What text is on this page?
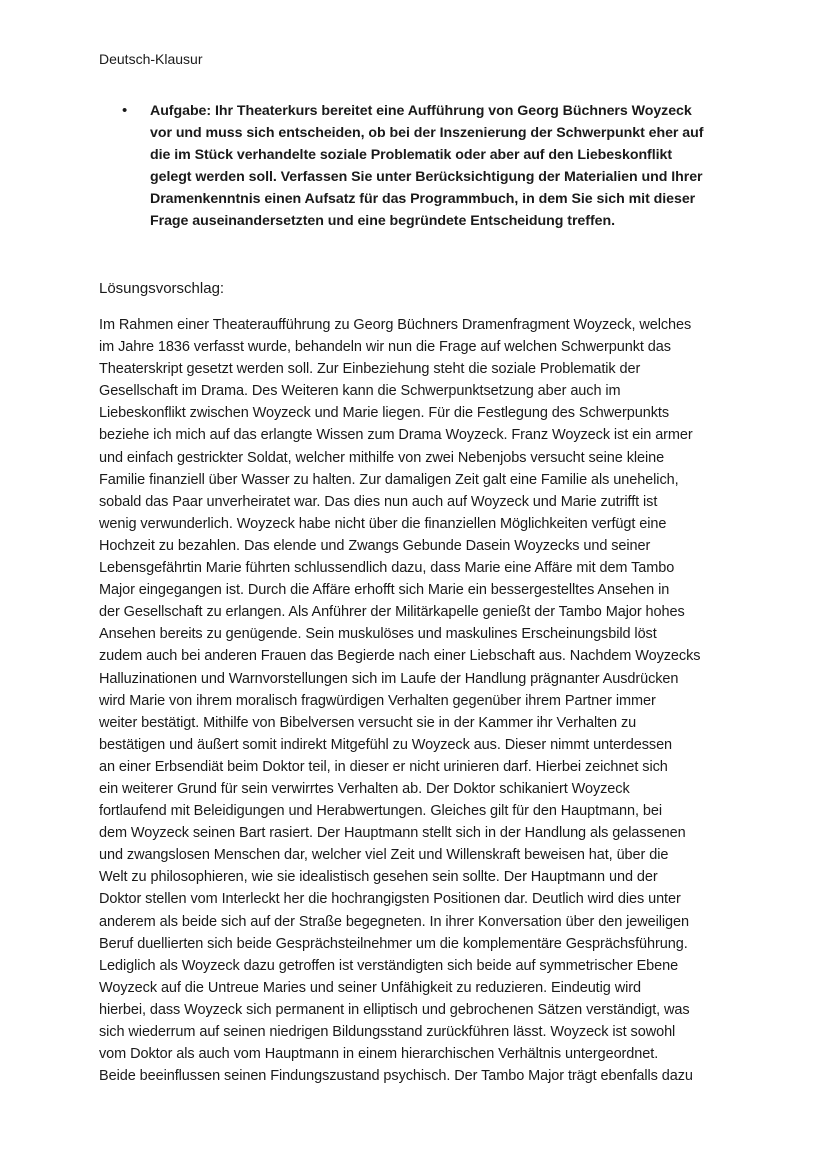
Deutsch-Klausur
• Aufgabe: Ihr Theaterkurs bereitet eine Aufführung von Georg Büchners Woyzeck
vor und muss sich entscheiden, ob bei der Inszenierung der Schwerpunkt eher auf
die im Stück verhandelte soziale Problematik oder aber auf den Liebeskonflikt
gelegt werden soll. Verfassen Sie unter Berücksichtigung der Materialien und Ihrer
Dramenkenntnis einen Aufsatz für das Programmbuch, in dem Sie sich mit dieser
Frage auseinandersetzten und eine begründete Entscheidung treffen.
Lösungsvorschlag:
Im Rahmen einer Theateraufführung zu Georg Büchners Dramenfragment Woyzeck, welches
im Jahre 1836 verfasst wurde, behandeln wir nun die Frage auf welchen Schwerpunkt das
Theaterskript gesetzt werden soll. Zur Einbeziehung steht die soziale Problematik der
Gesellschaft im Drama. Des Weiteren kann die Schwerpunktsetzung aber auch im
Liebeskonflikt zwischen Woyzeck und Marie liegen. Für die Festlegung des Schwerpunkts
beziehe ich mich auf das erlangte Wissen zum Drama Woyzeck. Franz Woyzeck ist ein armer
und einfach gestrickter Soldat, welcher mithilfe von zwei Nebenjobs versucht seine kleine
Familie finanziell über Wasser zu halten. Zur damaligen Zeit galt eine Familie als unehelich,
sobald das Paar unverheiratet war. Das dies nun auch auf Woyzeck und Marie zutrifft ist
wenig verwunderlich. Woyzeck habe nicht über die finanziellen Möglichkeiten verfügt eine
Hochzeit zu bezahlen. Das elende und Zwangs Gebunde Dasein Woyzecks und seiner
Lebensgefährtin Marie führten schlussendlich dazu, dass Marie eine Affäre mit dem Tambo
Major eingegangen ist. Durch die Affäre erhofft sich Marie ein bessergestelltes Ansehen in
der Gesellschaft zu erlangen. Als Anführer der Militärkapelle genießt der Tambo Major hohes
Ansehen bereits zu genügende. Sein muskulöses und maskulines Erscheinungsbild löst
zudem auch bei anderen Frauen das Begierde nach einer Liebschaft aus. Nachdem Woyzecks
Halluzinationen und Warnvorstellungen sich im Laufe der Handlung prägnanter Ausdrücken
wird Marie von ihrem moralisch fragwürdigen Verhalten gegenüber ihrem Partner immer
weiter bestätigt. Mithilfe von Bibelversen versucht sie in der Kammer ihr Verhalten zu
bestätigen und äußert somit indirekt Mitgefühl zu Woyzeck aus. Dieser nimmt unterdessen
an einer Erbsendiät beim Doktor teil, in dieser er nicht urinieren darf. Hierbei zeichnet sich
ein weiterer Grund für sein verwirrtes Verhalten ab. Der Doktor schikaniert Woyzeck
fortlaufend mit Beleidigungen und Herabwertungen. Gleiches gilt für den Hauptmann, bei
dem Woyzeck seinen Bart rasiert. Der Hauptmann stellt sich in der Handlung als gelassenen
und zwangslosen Menschen dar, welcher viel Zeit und Willenskraft beweisen hat, über die
Welt zu philosophieren, wie sie idealistisch gesehen sein sollte. Der Hauptmann und der
Doktor stellen vom Interleckt her die hochrangigsten Positionen dar. Deutlich wird dies unter
anderem als beide sich auf der Straße begegneten. In ihrer Konversation über den jeweiligen
Beruf duellierten sich beide Gesprächsteilnehmer um die komplementäre Gesprächsführung.
Lediglich als Woyzeck dazu getroffen ist verständigten sich beide auf symmetrischer Ebene
Woyzeck auf die Untreue Maries und seiner Unfähigkeit zu reduzieren. Eindeutig wird
hierbei, dass Woyzeck sich permanent in elliptisch und gebrochenen Sätzen verständigt, was
sich wiederrum auf seinen niedrigen Bildungsstand zurückführen lässt. Woyzeck ist sowohl
vom Doktor als auch vom Hauptmann in einem hierarchischen Verhältnis untergeordnet.
Beide beeinflussen seinen Findungszustand psychisch. Der Tambo Major trägt ebenfalls dazu
